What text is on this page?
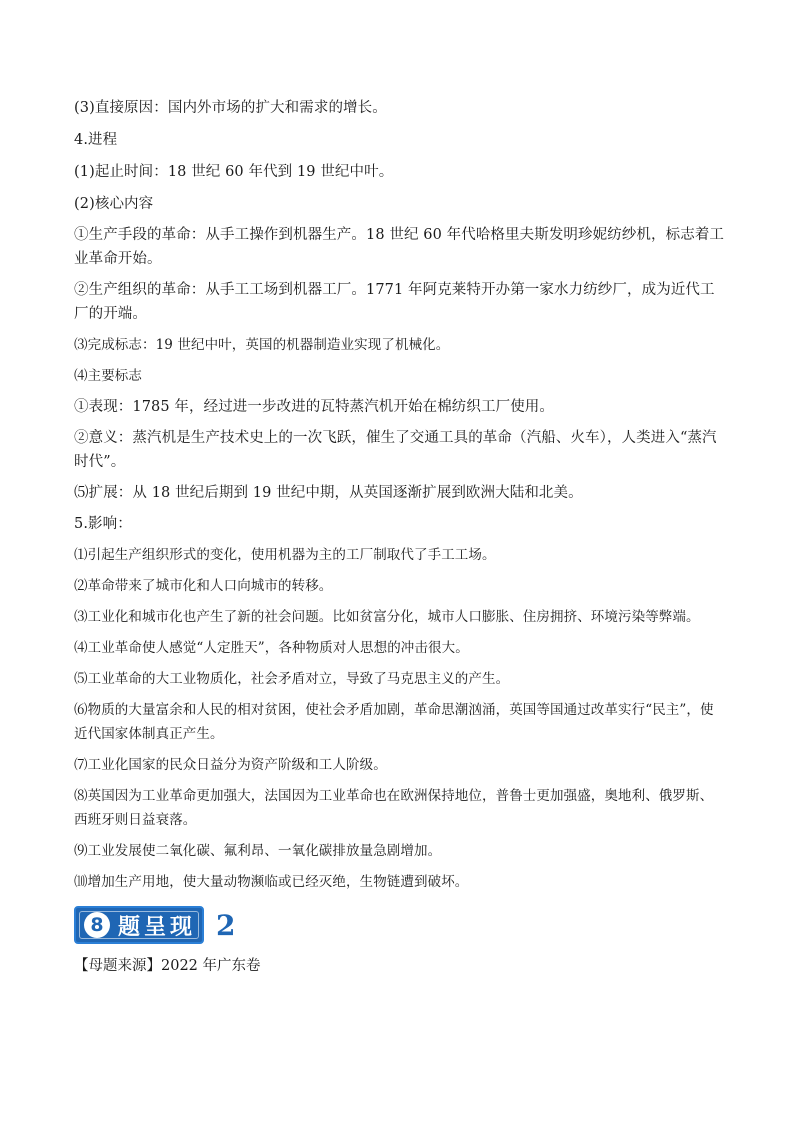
(3)直接原因：国内外市场的扩大和需求的增长。

4.进程

(1)起止时间：18 世纪 60 年代到 19 世纪中叶。

(2)核心内容

①生产手段的革命：从手工操作到机器生产。18 世纪 60 年代哈格里夫斯发明珍妮纺纱机，标志着工业革命开始。

②生产组织的革命：从手工工场到机器工厂。1771 年阿克莱特开办第一家水力纺纱厂，成为近代工厂的开端。

⑶完成标志：19 世纪中叶，英国的机器制造业实现了机械化。

⑷主要标志

①表现：1785 年，经过进一步改进的瓦特蒸汽机开始在棉纺织工厂使用。

②意义：蒸汽机是生产技术史上的一次飞跃，催生了交通工具的革命（汽船、火车），人类进入“蒸汽时代”。

⑸扩展：从 18 世纪后期到 19 世纪中期，从英国逐渐扩展到欧洲大陆和北美。

5.影响：

⑴引起生产组织形式的变化，使用机器为主的工厂制取代了手工工场。

⑵革命带来了城市化和人口向城市的转移。

⑶工业化和城市化也产生了新的社会问题。比如贫富分化，城市人口膨胀、住房拥挤、环境污染等弊端。

⑷工业革命使人感觉“人定胜天”，各种物质对人思想的冲击很大。

⑸工业革命的大工业物质化，社会矛盾对立，导致了马克思主义的产生。

⑹物质的大量富余和人民的相对贫困，使社会矛盾加剧，革命思潮汹涌，英国等国通过改革实行“民主”，使近代国家体制真正产生。

⑺工业化国家的民众日益分为资产阶级和工人阶级。

⑻英国因为工业革命更加强大，法国因为工业革命也在欧洲保持地位，普鲁士更加强盛，奥地利、俄罗斯、西班牙则日益衰落。

⑼工业发展使二氧化碳、氟利昂、一氧化碳排放量急剧增加。

⑽增加生产用地，使大量动物濒临或已经灭绝，生物链遭到破坏。

8 题呈现 2

【母题来源】2022 年广东卷
